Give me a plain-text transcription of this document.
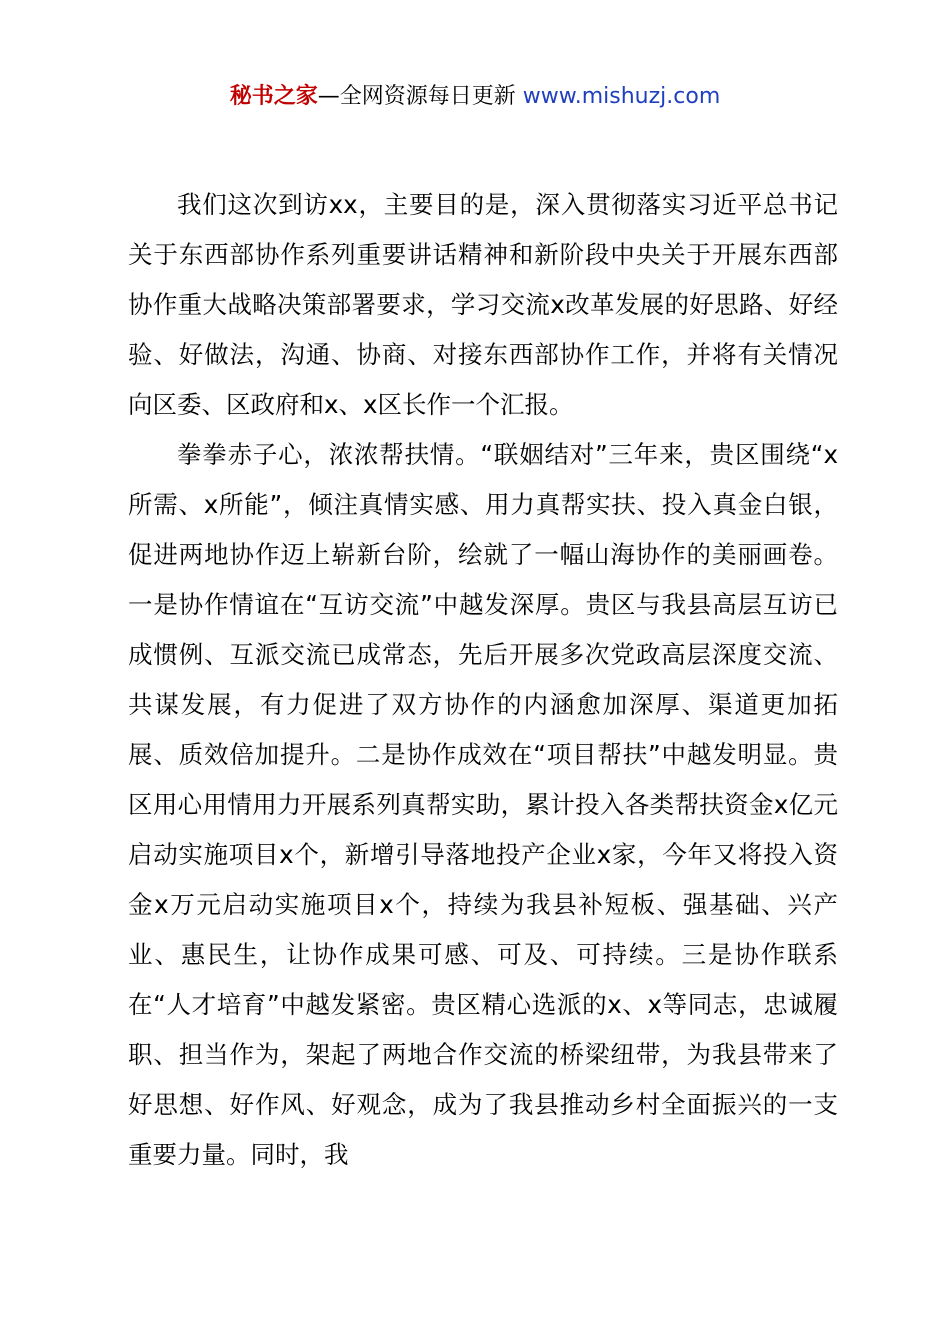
秘书之家—全网资源每日更新 www.mishuzj.com

我们这次到访xx，主要目的是，深入贯彻落实习近平总书记关于东西部协作系列重要讲话精神和新阶段中央关于开展东西部协作重大战略决策部署要求，学习交流x改革发展的好思路、好经验、好做法，沟通、协商、对接东西部协作工作，并将有关情况向区委、区政府和x、x区长作一个汇报。

拳拳赤子心，浓浓帮扶情。“联姻结对”三年来，贵区围绕“x所需、x所能”，倾注真情实感、用力真帮实扶、投入真金白银，促进两地协作迈上崭新台阶，绘就了一幅山海协作的美丽画卷。一是协作情谊在“互访交流”中越发深厚。贵区与我县高层互访已成惯例、互派交流已成常态，先后开展多次党政高层深度交流、共谋发展，有力促进了双方协作的内涵愈加深厚、渠道更加拓展、质效倍加提升。二是协作成效在“项目帮扶”中越发明显。贵区用心用情用力开展系列真帮实助，累计投入各类帮扶资金x亿元启动实施项目x个，新增引导落地投产企业x家，今年又将投入资金x万元启动实施项目x个，持续为我县补短板、强基础、兴产业、惠民生，让协作成果可感、可及、可持续。三是协作联系在“人才培育”中越发紧密。贵区精心选派的x、x等同志，忠诚履职、担当作为，架起了两地合作交流的桥梁纽带，为我县带来了好思想、好作风、好观念，成为了我县推动乡村全面振兴的一支重要力量。同时，我
